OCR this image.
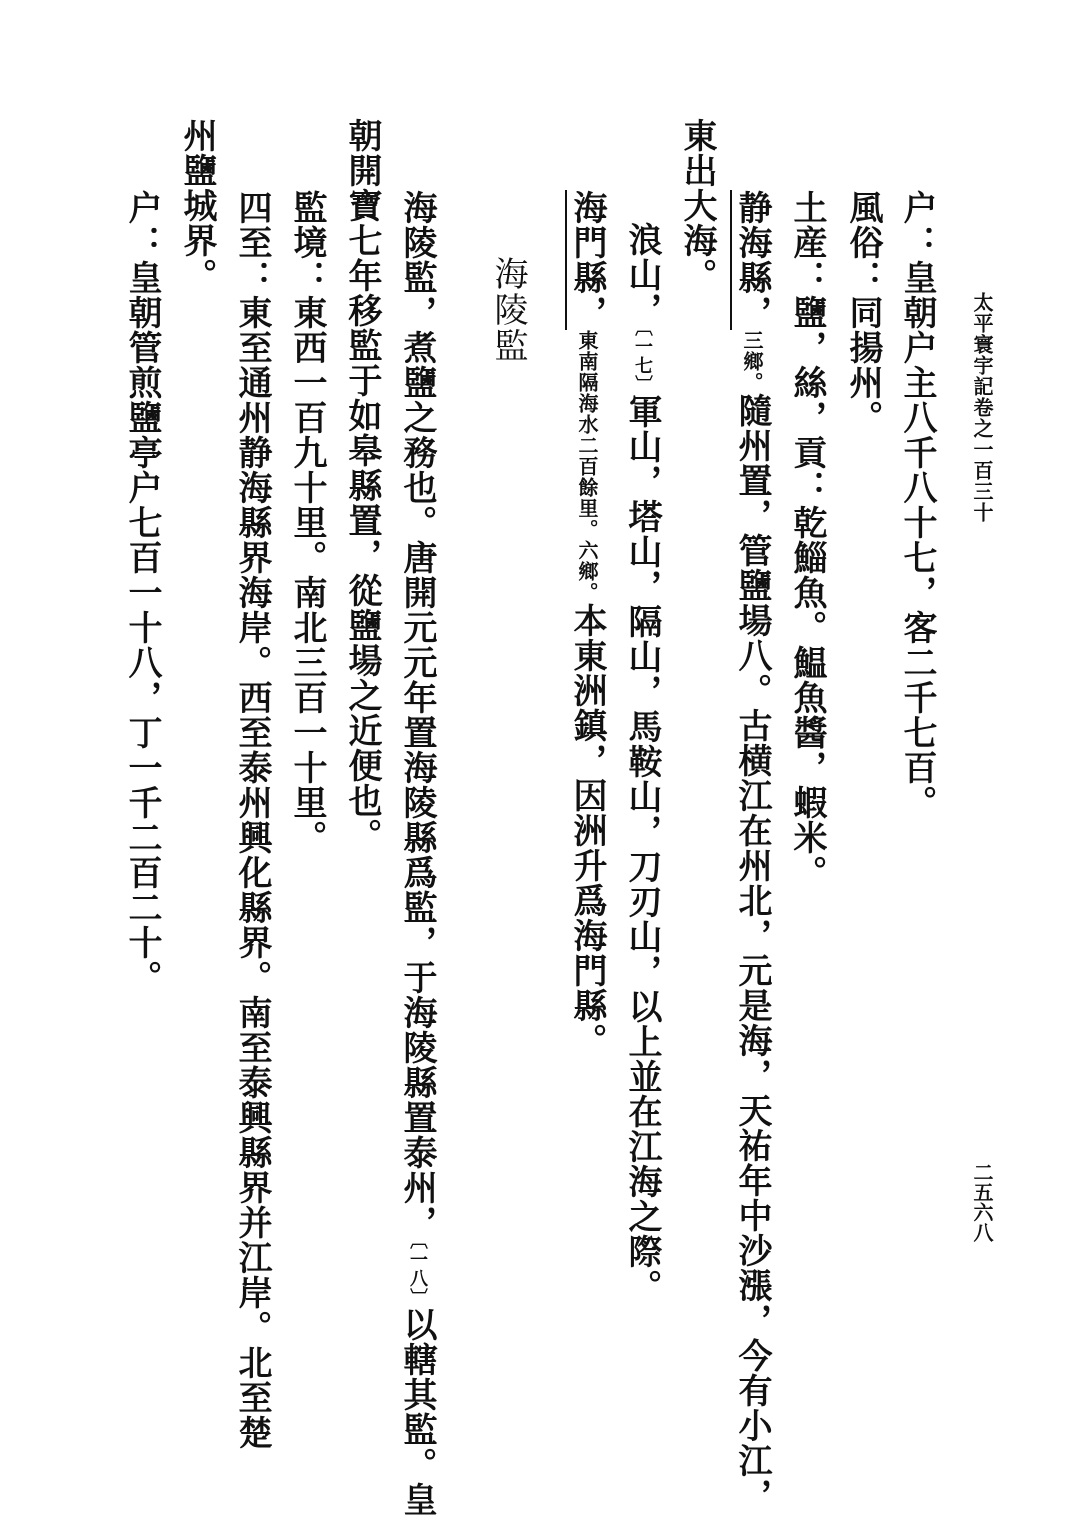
太平寰宇記卷之一百三十
二五六八
户：皇朝户主八千八十七，客二千七百。
風俗：同揚州。
土産：鹽，絲，貢：乾鯔魚。鰛魚醬，蝦米。
静海縣，三鄉。隨州置，管鹽場八。古横江在州北，元是海，天祐年中沙漲，今有小江，
東出大海。
浪山，〔一七〕軍山，塔山，隔山，馬鞍山，刀刃山，以上並在江海之際。
海門縣，東南隔海水二百餘里。六鄉。本東洲鎮，因洲升爲海門縣。
海陵監
海陵監，煮鹽之務也。唐開元元年置海陵縣爲監，于海陵縣置泰州，〔一八〕以轄其監。皇
朝開寶七年移監于如皋縣置，從鹽場之近便也。
監境：東西一百九十里。南北三百一十里。
四至：東至通州静海縣界海岸。西至泰州興化縣界。南至泰興縣界并江岸。北至楚
州鹽城界。
户：皇朝管煎鹽亭户七百一十八，丁一千二百二十。
